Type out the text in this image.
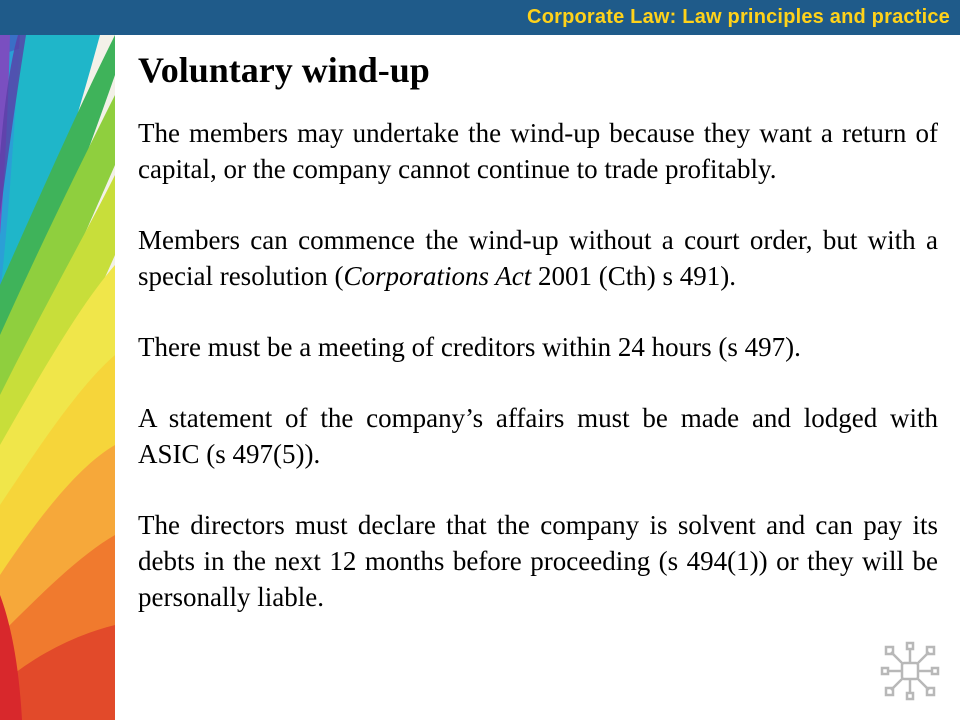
Corporate Law: Law principles and practice
Voluntary wind-up

The members may undertake the wind-up because they want a return of capital, or the company cannot continue to trade profitably.

Members can commence the wind-up without a court order, but with a special resolution (Corporations Act 2001 (Cth) s 491).

There must be a meeting of creditors within 24 hours (s 497).

A statement of the company’s affairs must be made and lodged with ASIC (s 497(5)).

The directors must declare that the company is solvent and can pay its debts in the next 12 months before proceeding (s 494(1)) or they will be personally liable.
